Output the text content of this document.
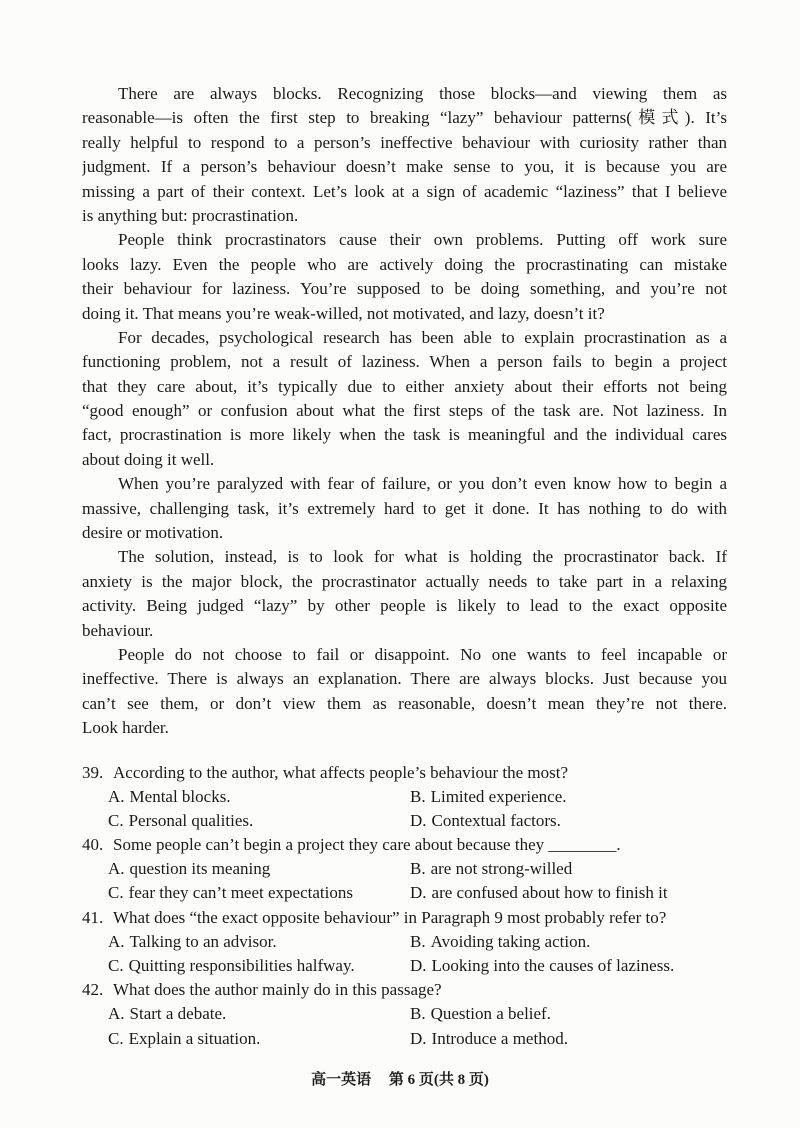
There are always blocks. Recognizing those blocks—and viewing them as
reasonable—is often the first step to breaking “lazy” behaviour patterns(模式). It’s
really helpful to respond to a person’s ineffective behaviour with curiosity rather than
judgment. If a person’s behaviour doesn’t make sense to you, it is because you are
missing a part of their context. Let’s look at a sign of academic “laziness” that I believe
is anything but: procrastination.
People think procrastinators cause their own problems. Putting off work sure
looks lazy. Even the people who are actively doing the procrastinating can mistake
their behaviour for laziness. You’re supposed to be doing something, and you’re not
doing it. That means you’re weak-willed, not motivated, and lazy, doesn’t it?
For decades, psychological research has been able to explain procrastination as a
functioning problem, not a result of laziness. When a person fails to begin a project
that they care about, it’s typically due to either anxiety about their efforts not being
“good enough” or confusion about what the first steps of the task are. Not laziness. In
fact, procrastination is more likely when the task is meaningful and the individual cares
about doing it well.
When you’re paralyzed with fear of failure, or you don’t even know how to begin a
massive, challenging task, it’s extremely hard to get it done. It has nothing to do with
desire or motivation.
The solution, instead, is to look for what is holding the procrastinator back. If
anxiety is the major block, the procrastinator actually needs to take part in a relaxing
activity. Being judged “lazy” by other people is likely to lead to the exact opposite
behaviour.
People do not choose to fail or disappoint. No one wants to feel incapable or
ineffective. There is always an explanation. There are always blocks. Just because you
can’t see them, or don’t view them as reasonable, doesn’t mean they’re not there.
Look harder.
39. According to the author, what affects people’s behaviour the most?
A. Mental blocks.	B. Limited experience.
C. Personal qualities.	D. Contextual factors.
40. Some people can’t begin a project they care about because they ________.
A. question its meaning	B. are not strong-willed
C. fear they can’t meet expectations	D. are confused about how to finish it
41. What does “the exact opposite behaviour” in Paragraph 9 most probably refer to?
A. Talking to an advisor.	B. Avoiding taking action.
C. Quitting responsibilities halfway.	D. Looking into the causes of laziness.
42. What does the author mainly do in this passage?
A. Start a debate.	B. Question a belief.
C. Explain a situation.	D. Introduce a method.
高一英语 第 6 页(共 8 页)
